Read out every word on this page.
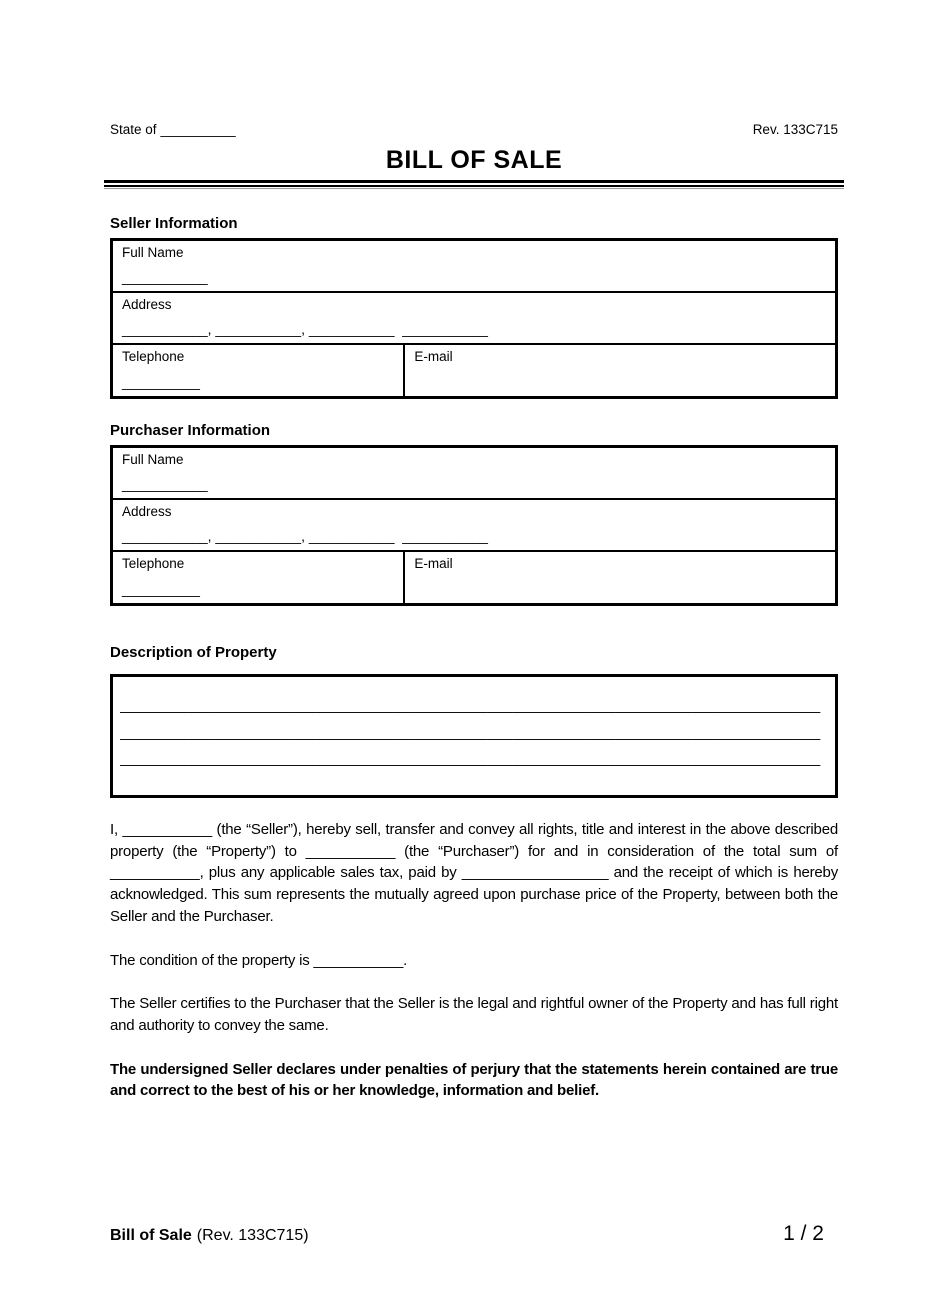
State of __________	Rev. 133C715
BILL OF SALE
Seller Information
Full Name
___________
Address
___________, ___________, ___________  ___________
Telephone
__________
E-mail
Purchaser Information
Full Name
___________
Address
___________, ___________, ___________  ___________
Telephone
__________
E-mail
Description of Property
__________________________________________________________________________________
__________________________________________________________________________________
__________________________________________________________________________________

I, ___________ (the “Seller”), hereby sell, transfer and convey all rights, title and interest in the above described property (the “Property”) to ___________ (the “Purchaser”) for and in consideration of the total sum of ___________, plus any applicable sales tax, paid by __________________ and the receipt of which is hereby acknowledged. This sum represents the mutually agreed upon purchase price of the Property, between both the Seller and the Purchaser.

The condition of the property is ___________.

The Seller certifies to the Purchaser that the Seller is the legal and rightful owner of the Property and has full right and authority to convey the same.

The undersigned Seller declares under penalties of perjury that the statements herein contained are true and correct to the best of his or her knowledge, information and belief.

Bill of Sale (Rev. 133C715)	1 / 2
